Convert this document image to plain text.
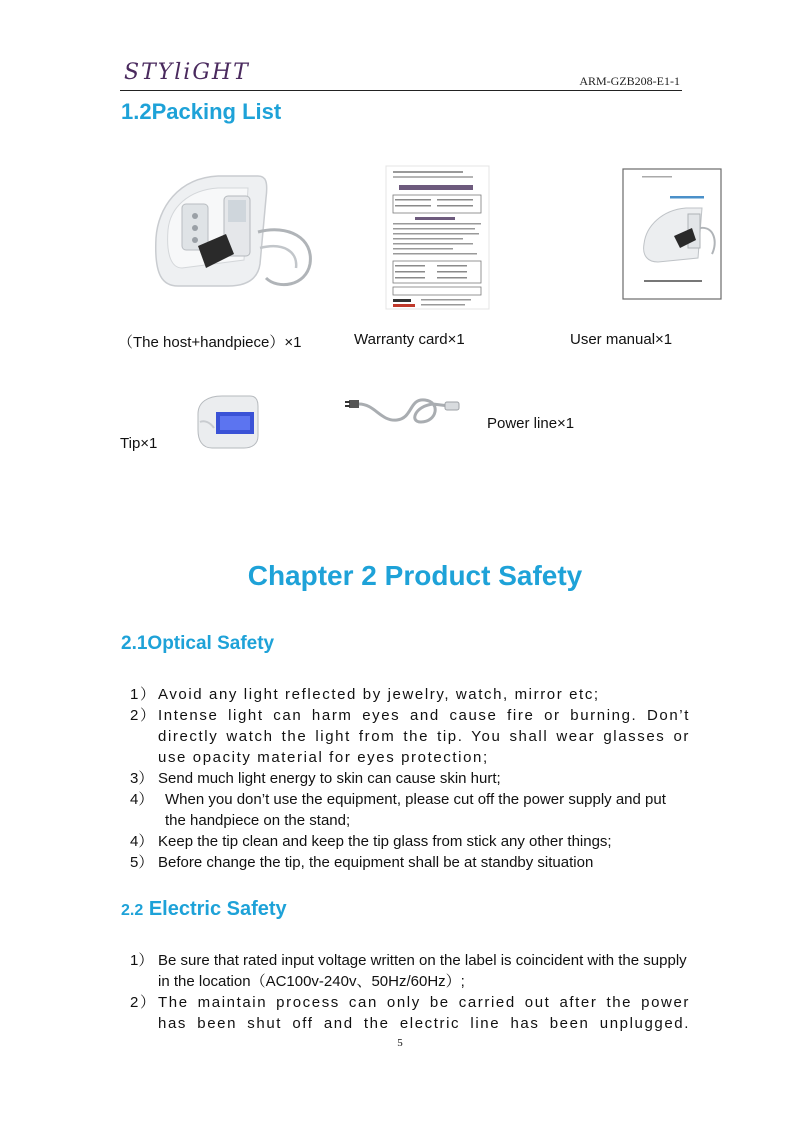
STYliGHT	ARM-GZB208-E1-1
1.2Packing List
（The host+handpiece）×1	Warranty card×1	User manual×1
Power line×1
Tip×1
Chapter 2 Product Safety
2.1Optical Safety
1） Avoid any light reflected by jewelry, watch, mirror etc;
2） Intense light can harm eyes and cause fire or burning. Don’t directly watch the light from the tip. You shall wear glasses or use opacity material for eyes protection;
3） Send much light energy to skin can cause skin hurt;
4） When you don’t use the equipment, please cut off the power supply and put the handpiece on the stand;
4） Keep the tip clean and keep the tip glass from stick any other things;
5） Before change the tip, the equipment shall be at standby situation
2.2 Electric Safety
1） Be sure that rated input voltage written on the label is coincident with the supply in the location（AC100v-240v、50Hz/60Hz）;
2） The maintain process can only be carried out after the power has been shut off and the electric line has been unplugged.
5
